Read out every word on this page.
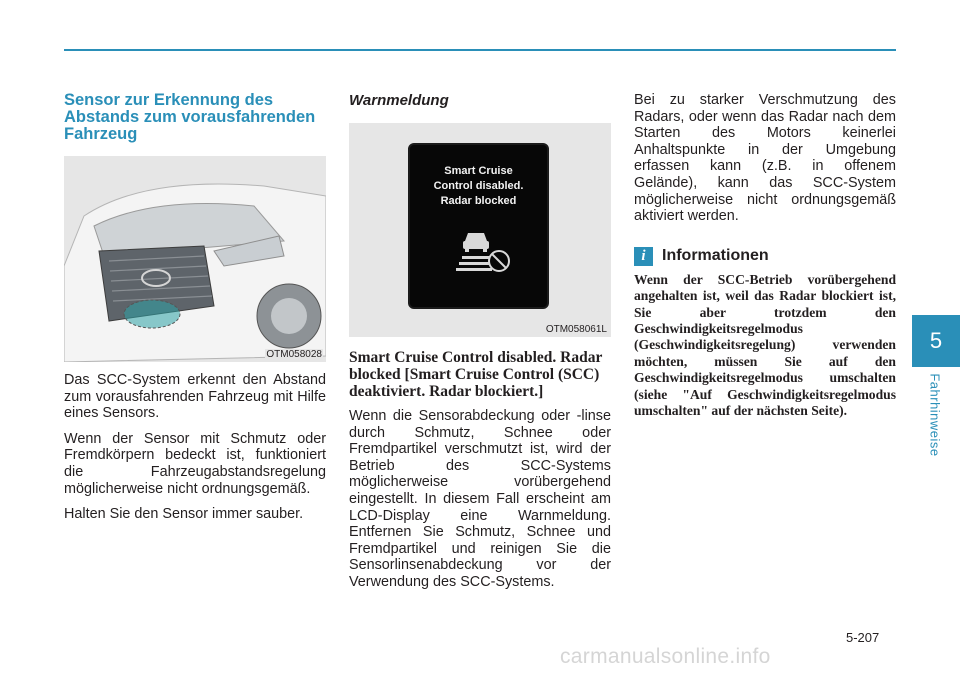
5
Fahrhinweise
Sensor zur Erkennung des Abstands zum vorausfahrenden Fahrzeug
OTM058028

Das SCC-System erkennt den Abstand zum vorausfahrenden Fahrzeug mit Hilfe eines Sensors.

Wenn der Sensor mit Schmutz oder Fremdkörpern bedeckt ist, funktioniert die Fahrzeugabstandsregelung möglicherweise nicht ordnungsgemäß.

Halten Sie den Sensor immer sauber.

Warnmeldung
Smart Cruise
Control disabled.
Radar blocked
OTM058061L

Smart Cruise Control disabled. Radar blocked [Smart Cruise Control (SCC) deaktiviert. Radar blockiert.]

Wenn die Sensorabdeckung oder -linse durch Schmutz, Schnee oder Fremdpartikel verschmutzt ist, wird der Betrieb des SCC-Systems möglicherweise vorübergehend eingestellt. In diesem Fall erscheint am LCD-Display eine Warnmeldung. Entfernen Sie Schmutz, Schnee und Fremdpartikel und reinigen Sie die Sensorlinsenabdeckung vor der Verwendung des SCC-Systems.

Bei zu starker Verschmutzung des Radars, oder wenn das Radar nach dem Starten des Motors keinerlei Anhaltspunkte in der Umgebung erfassen kann (z.B. in offenem Gelände), kann das SCC-System möglicherweise nicht ordnungsgemäß aktiviert werden.

i	Informationen

Wenn der SCC-Betrieb vorübergehend angehalten ist, weil das Radar blockiert ist, Sie aber trotzdem den Geschwindigkeitsregelmodus (Geschwindigkeitsregelung) verwenden möchten, müssen Sie auf den Geschwindigkeitsregelmodus umschalten (siehe "Auf Geschwindigkeitsregelmodus umschalten" auf der nächsten Seite).

5-207
carmanualsonline.info
